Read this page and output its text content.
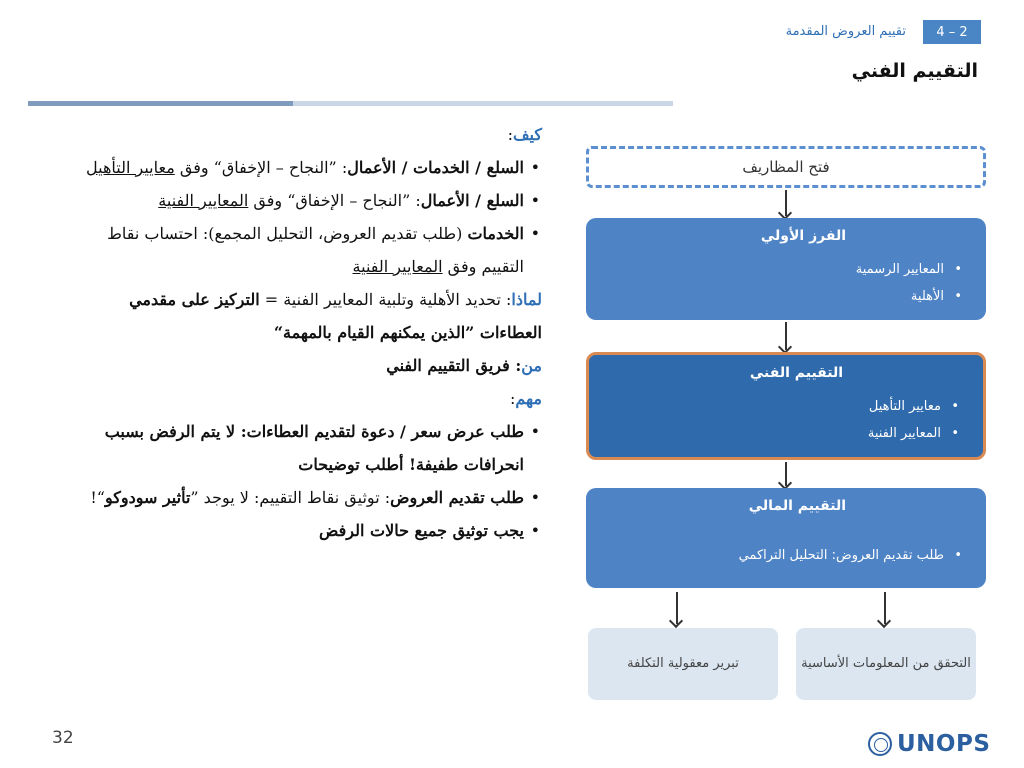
4 – 2
تقييم العروض المقدمة
التقييم الفني

كيف:

• السلع / الخدمات / الأعمال: ”النجاح – الإخفاق“ وفق معايير التأهيل
• السلع / الأعمال: ”النجاح – الإخفاق“ وفق المعايير الفنية
• الخدمات (طلب تقديم العروض، التحليل المجمع): احتساب نقاط التقييم وفق المعايير الفنية

لماذا: تحديد الأهلية وتلبية المعايير الفنية = التركيز على مقدمي العطاءات ”الذين يمكنهم القيام بالمهمة“

من: فريق التقييم الفني

مهم:

• طلب عرض سعر / دعوة لتقديم العطاءات: لا يتم الرفض بسبب انحرافات طفيفة! أطلب توضيحات
• طلب تقديم العروض: توثيق نقاط التقييم: لا يوجد ”تأثير سودوكو“!
• يجب توثيق جميع حالات الرفض
فتح المظاريف
الفرز الأولي
• المعايير الرسمية
• الأهلية
التقييم الفني
• معايير التأهيل
• المعايير الفنية
التقييم المالي
• طلب تقديم العروض: التحليل التراكمي
التحقق من المعلومات الأساسية
تبرير معقولية التكلفة
32	UNOPS
